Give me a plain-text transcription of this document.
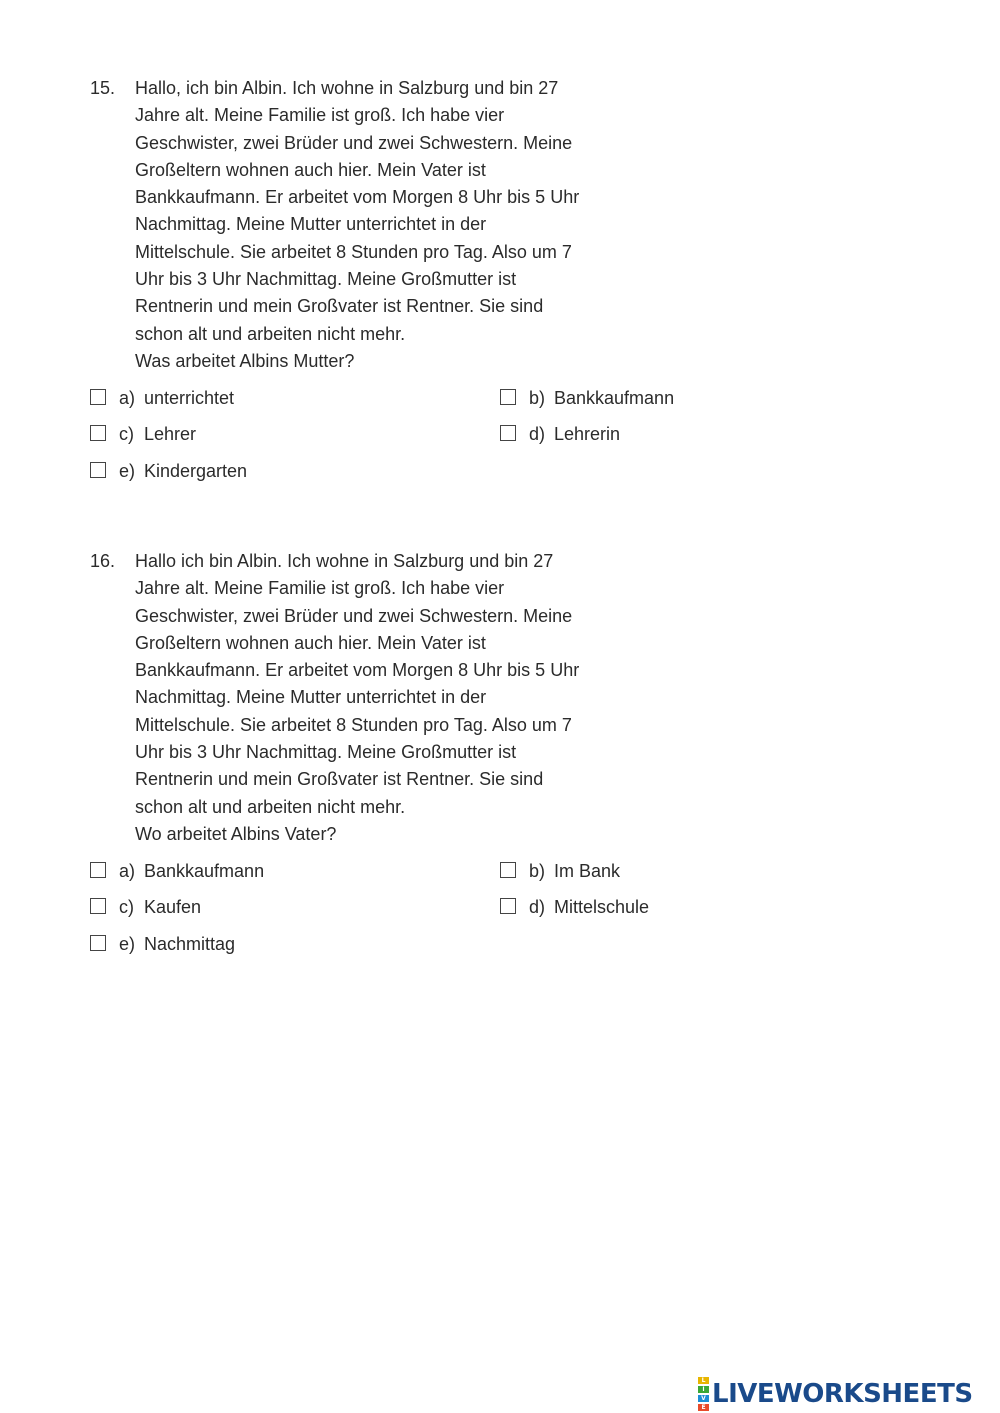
15. Hallo, ich bin Albin. Ich wohne in Salzburg und bin 27
Jahre alt. Meine Familie ist groß. Ich habe vier
Geschwister, zwei Brüder und zwei Schwestern. Meine
Großeltern wohnen auch hier. Mein Vater ist
Bankkaufmann. Er arbeitet vom Morgen 8 Uhr bis 5 Uhr
Nachmittag. Meine Mutter unterrichtet in der
Mittelschule. Sie arbeitet 8 Stunden pro Tag. Also um 7
Uhr bis 3 Uhr Nachmittag. Meine Großmutter ist
Rentnerin und mein Großvater ist Rentner. Sie sind
schon alt und arbeiten nicht mehr.
Was arbeitet Albins Mutter?
a) unterrichtet	b) Bankkaufmann
c) Lehrer	d) Lehrerin
e) Kindergarten
16. Hallo ich bin Albin. Ich wohne in Salzburg und bin 27
Jahre alt. Meine Familie ist groß. Ich habe vier
Geschwister, zwei Brüder und zwei Schwestern. Meine
Großeltern wohnen auch hier. Mein Vater ist
Bankkaufmann. Er arbeitet vom Morgen 8 Uhr bis 5 Uhr
Nachmittag. Meine Mutter unterrichtet in der
Mittelschule. Sie arbeitet 8 Stunden pro Tag. Also um 7
Uhr bis 3 Uhr Nachmittag. Meine Großmutter ist
Rentnerin und mein Großvater ist Rentner. Sie sind
schon alt und arbeiten nicht mehr.
Wo arbeitet Albins Vater?
a) Bankkaufmann	b) Im Bank
c) Kaufen	d) Mittelschule
e) Nachmittag
L
I
V
E LIVEWORKSHEETS
